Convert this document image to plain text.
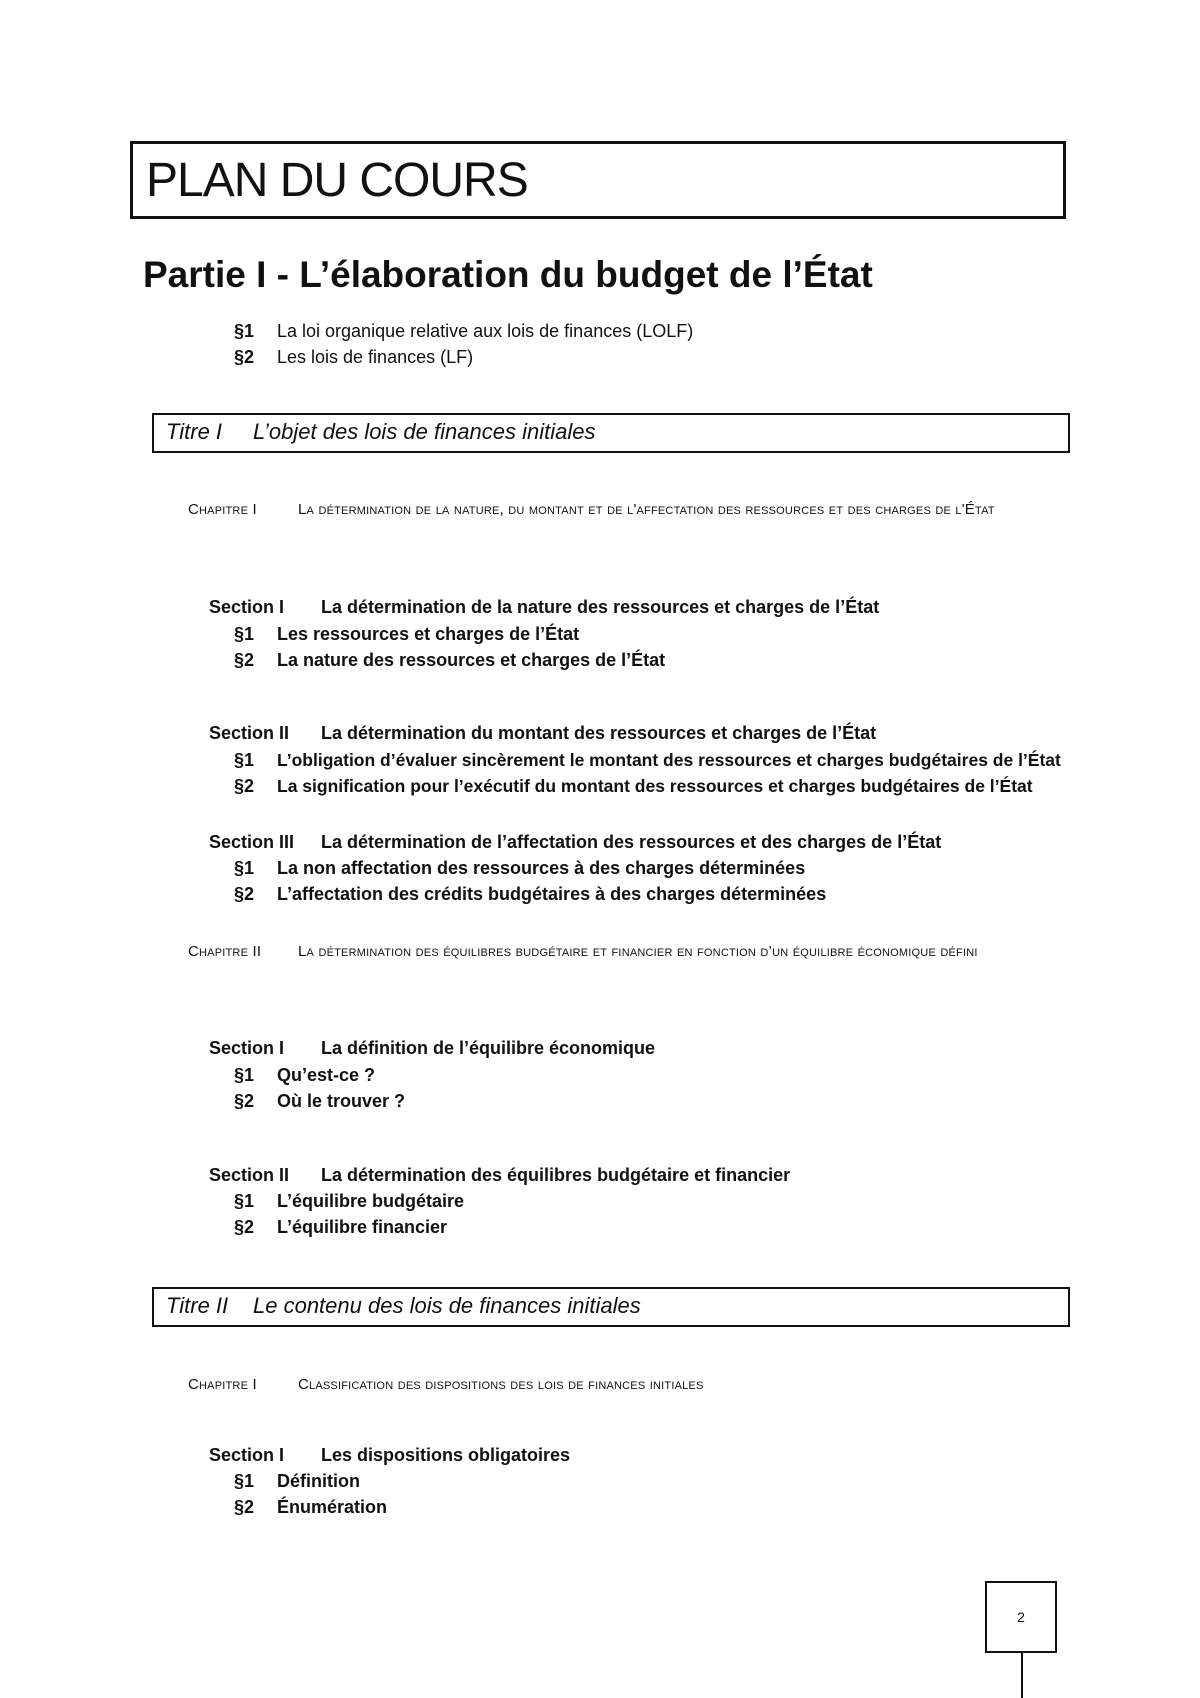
PLAN DU COURS
Partie I - L’élaboration du budget de l’État
§1 La loi organique relative aux lois de finances (LOLF)
§2 Les lois de finances (LF)
Titre I L’objet des lois de finances initiales
Chapitre I	La détermination de la nature, du montant et de l'affectation des ressources et des charges de l'État
Section I La détermination de la nature des ressources et charges de l’État
§1 Les ressources et charges de l’État
§2 La nature des ressources et charges de l’État
Section II La détermination du montant des ressources et charges de l’État
§1 L’obligation d’évaluer sincèrement le montant des ressources et charges budgétaires de l’État
§2 La signification pour l’exécutif du montant des ressources et charges budgétaires de l’État
Section III La détermination de l’affectation des ressources et des charges de l’État
§1 La non affectation des ressources à des charges déterminées
§2 L’affectation des crédits budgétaires à des charges déterminées
Chapitre II La détermination des équilibres budgétaire et financier en fonction d’un équilibre économique défini
Section I La définition de l’équilibre économique
§1 Qu’est-ce ?
§2 Où le trouver ?
Section II La détermination des équilibres budgétaire et financier
§1 L’équilibre budgétaire
§2 L’équilibre financier
Titre II Le contenu des lois de finances initiales
Chapitre I	Classification des dispositions des lois de finances initiales
Section I Les dispositions obligatoires
§1 Définition
§2 Énumération
2
